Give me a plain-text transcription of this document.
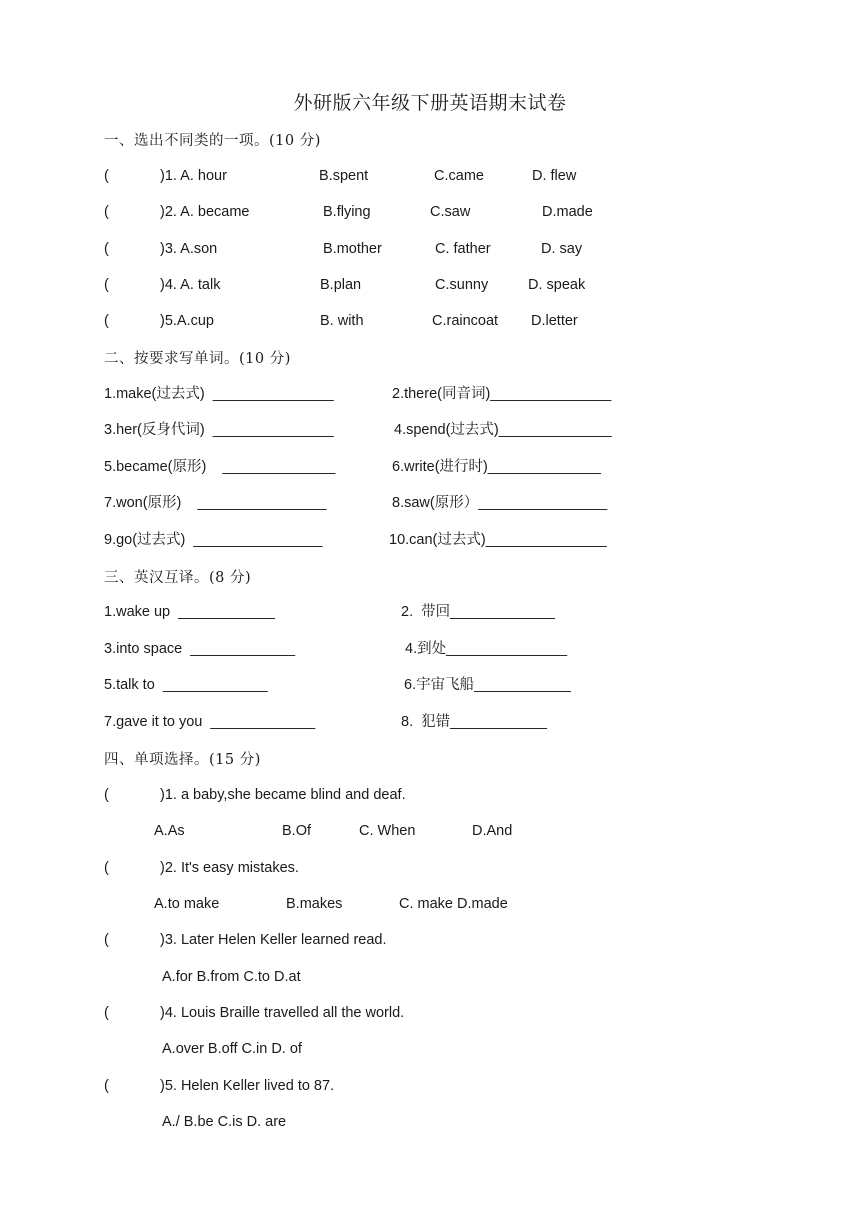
外研版六年级下册英语期末试卷
一、选出不同类的一项。(10 分)
(	)1. A. hour	B.spent	C.came	D. flew
(	)2. A. became	B.flying	C.saw	D.made
(	)3. A.son	B.mother	C. father	D. say
(	)4. A. talk	B.plan	C.sunny	D. speak
(	)5.A.cup	B. with	C.raincoat D.letter
二、按要求写单词。(10 分)
1.make(过去式)  _______________	2.there(同音词)_______________
3.her(反身代词)  _______________	4.spend(过去式)______________
5.became(原形)    ______________	6.write(进行时)______________
7.won(原形)    ________________	8.saw(原形）________________
9.go(过去式)  ________________	10.can(过去式)_______________
三、英汉互译。(8 分)
1.wake up  ____________	2.  带回_____________
3.into space  _____________	4.到处_______________
5.talk to  _____________	6.宇宙飞船____________
7.gave it to you  _____________	8.  犯错____________
四、单项选择。(15 分)
(	)1. a baby,she became blind and deaf.
A.As	B.Of	C. When	D.And
(	)2. It's easy mistakes.
A.to make	B.makes	C. make D.made
(	)3. Later Helen Keller learned read.
A.for B.from C.to D.at
(	)4. Louis Braille travelled all the world.
A.over B.off C.in D. of
(	)5. Helen Keller lived to 87.
A./ B.be C.is D. are
